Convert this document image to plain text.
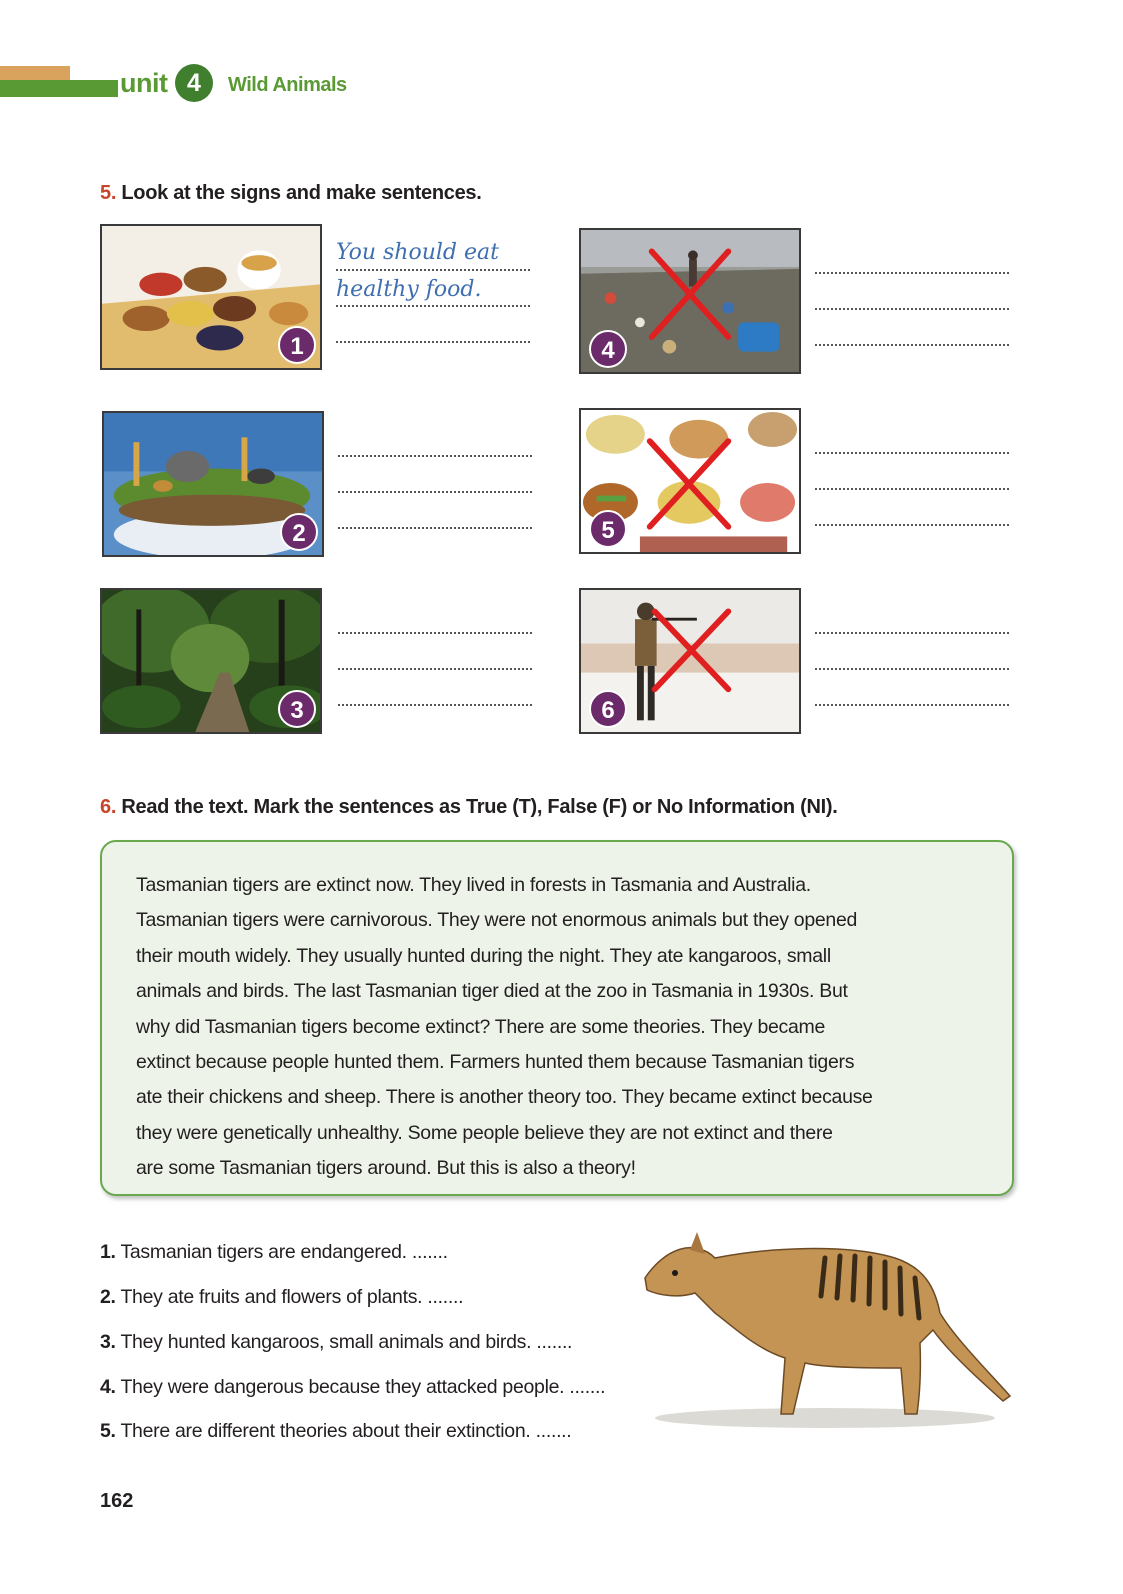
unit 4	Wild Animals
5. Look at the signs and make sentences.
1
You should eat
healthy food.
2
3
4
5
6
6. Read the text. Mark the sentences as True (T), False (F) or No Information (NI).
Tasmanian tigers are extinct now. They lived in forests in Tasmania and Australia.
Tasmanian tigers were carnivorous. They were not enormous animals but they opened
their mouth widely. They usually hunted during the night. They ate kangaroos, small
animals and birds. The last Tasmanian tiger died at the zoo in Tasmania in 1930s. But
why did Tasmanian tigers become extinct? There are some theories. They became
extinct because people hunted them. Farmers hunted them because Tasmanian tigers
ate their chickens and sheep. There is another theory too. They became extinct because
they were genetically unhealthy. Some people believe they are not extinct and there
are some Tasmanian tigers around. But this is also a theory!
1. Tasmanian tigers are endangered. .......
2. They ate fruits and flowers of plants. .......
3. They hunted kangaroos, small animals and birds. .......
4. They were dangerous because they attacked people. .......
5. There are different theories about their extinction. .......
162
